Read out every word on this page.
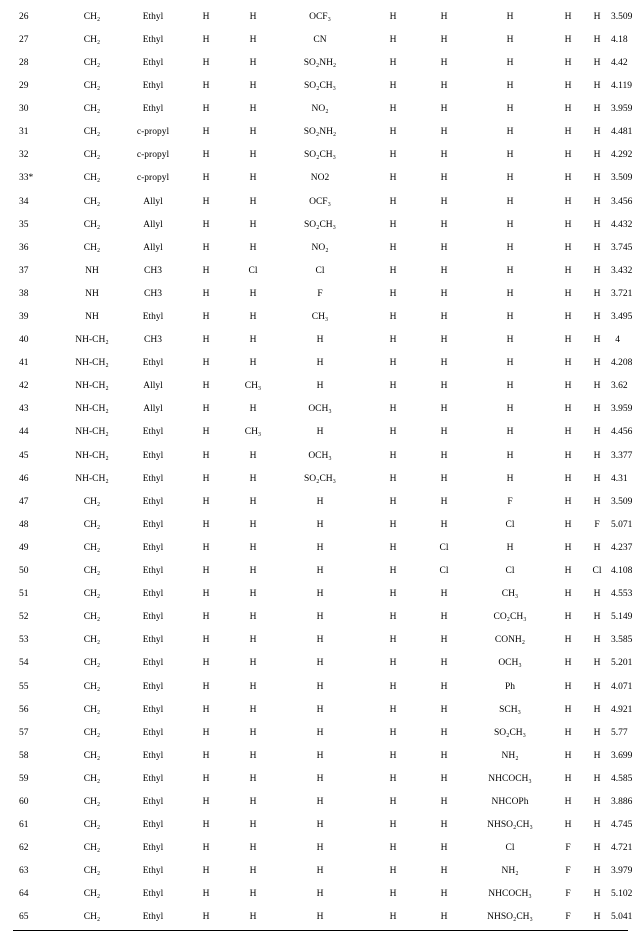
26	CH₂	Ethyl	H	H	OCF₃	H	H	H	H	H	3.509
27	CH₂	Ethyl	H	H	CN	H	H	H	H	H	4.18
28	CH₂	Ethyl	H	H	SO₂NH₂	H	H	H	H	H	4.42
29	CH₂	Ethyl	H	H	SO₂CH₃	H	H	H	H	H	4.119
30	CH₂	Ethyl	H	H	NO₂	H	H	H	H	H	3.959
31	CH₂	c-propyl	H	H	SO₂NH₂	H	H	H	H	H	4.481
32	CH₂	c-propyl	H	H	SO₂CH₃	H	H	H	H	H	4.292
33*	CH₂	c-propyl	H	H	NO2	H	H	H	H	H	3.509
34	CH₂	Allyl	H	H	OCF₃	H	H	H	H	H	3.456
35	CH₂	Allyl	H	H	SO₂CH₃	H	H	H	H	H	4.432
36	CH₂	Allyl	H	H	NO₂	H	H	H	H	H	3.745
37	NH	CH3	H	Cl	Cl	H	H	H	H	H	3.432
38	NH	CH3	H	H	F	H	H	H	H	H	3.721
39	NH	Ethyl	H	H	CH₃	H	H	H	H	H	3.495
40	NH-CH₂	CH3	H	H	H	H	H	H	H	H	4
41	NH-CH₂	Ethyl	H	H	H	H	H	H	H	H	4.208
42	NH-CH₂	Allyl	H	CH₃	H	H	H	H	H	H	3.62
43	NH-CH₂	Allyl	H	H	OCH₃	H	H	H	H	H	3.959
44	NH-CH₂	Ethyl	H	CH₃	H	H	H	H	H	H	4.456
45	NH-CH₂	Ethyl	H	H	OCH₃	H	H	H	H	H	3.377
46	NH-CH₂	Ethyl	H	H	SO₂CH₃	H	H	H	H	H	4.31
47	CH₂	Ethyl	H	H	H	H	H	F	H	H	3.509
48	CH₂	Ethyl	H	H	H	H	H	Cl	H	F	5.071
49	CH₂	Ethyl	H	H	H	H	Cl	H	H	H	4.237
50	CH₂	Ethyl	H	H	H	H	Cl	Cl	H	Cl	4.108
51	CH₂	Ethyl	H	H	H	H	H	CH₃	H	H	4.553
52	CH₂	Ethyl	H	H	H	H	H	CO₂CH₃	H	H	5.149
53	CH₂	Ethyl	H	H	H	H	H	CONH₂	H	H	3.585
54	CH₂	Ethyl	H	H	H	H	H	OCH₃	H	H	5.201
55	CH₂	Ethyl	H	H	H	H	H	Ph	H	H	4.071
56	CH₂	Ethyl	H	H	H	H	H	SCH₃	H	H	4.921
57	CH₂	Ethyl	H	H	H	H	H	SO₂CH₃	H	H	5.77
58	CH₂	Ethyl	H	H	H	H	H	NH₂	H	H	3.699
59	CH₂	Ethyl	H	H	H	H	H	NHCOCH₃	H	H	4.585
60	CH₂	Ethyl	H	H	H	H	H	NHCOPh	H	H	3.886
61	CH₂	Ethyl	H	H	H	H	H	NHSO₂CH₃	H	H	4.745
62	CH₂	Ethyl	H	H	H	H	H	Cl	F	H	4.721
63	CH₂	Ethyl	H	H	H	H	H	NH₂	F	H	3.979
64	CH₂	Ethyl	H	H	H	H	H	NHCOCH₃	F	H	5.102
65	CH₂	Ethyl	H	H	H	H	H	NHSO₂CH₃	F	H	5.041
